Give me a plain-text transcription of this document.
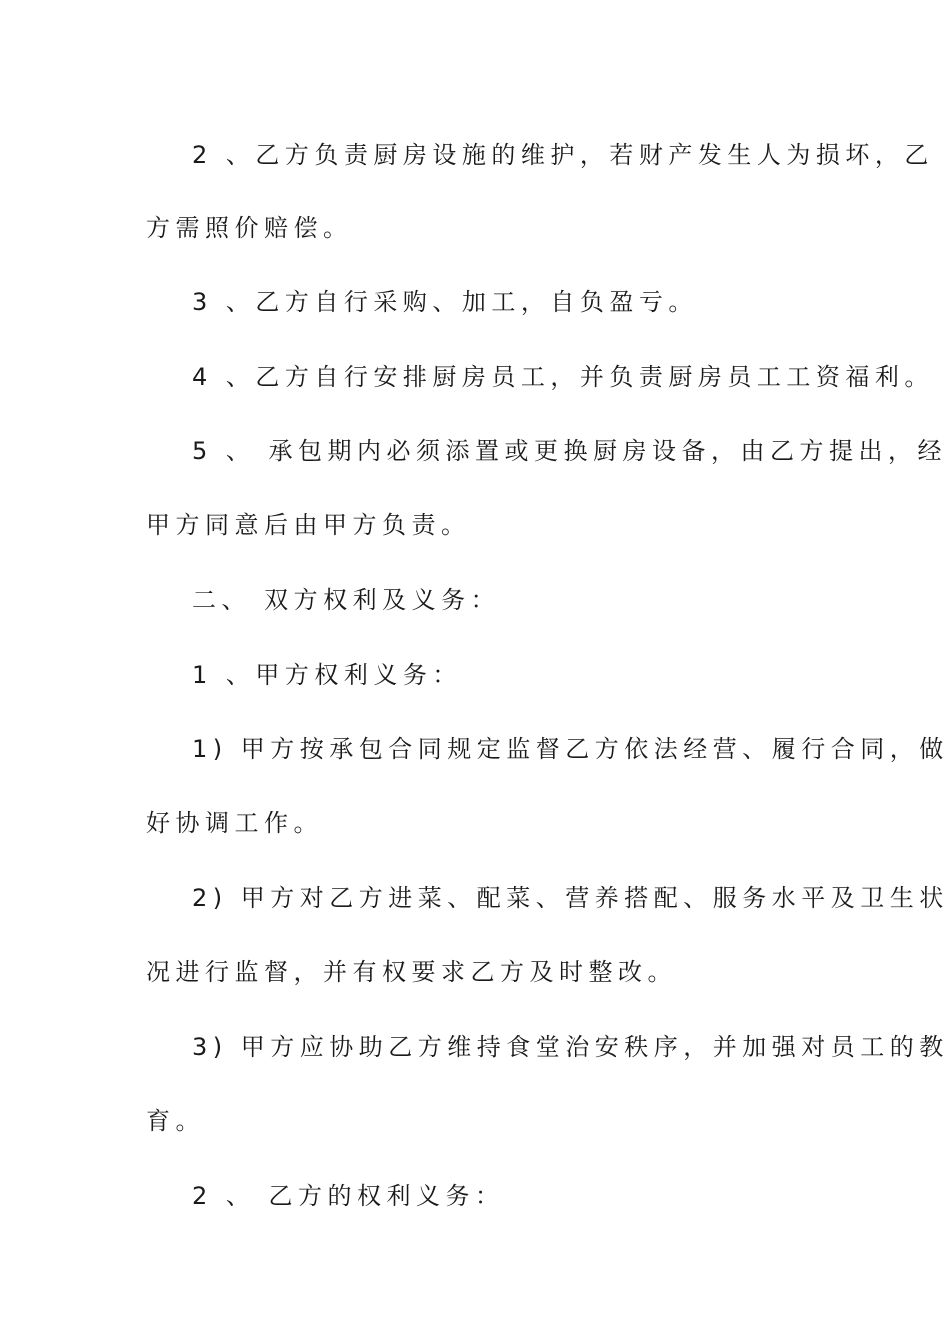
2 、乙方负责厨房设施的维护，若财产发生人为损坏，乙
方需照价赔偿。
3 、乙方自行采购、加工，自负盈亏。
4 、乙方自行安排厨房员工，并负责厨房员工工资福利。
5 、 承包期内必须添置或更换厨房设备，由乙方提出，经
甲方同意后由甲方负责。
二、 双方权利及义务：
1 、甲方权利义务：
1) 甲方按承包合同规定监督乙方依法经营、履行合同，做
好协调工作。
2) 甲方对乙方进菜、配菜、营养搭配、服务水平及卫生状
况进行监督，并有权要求乙方及时整改。
3) 甲方应协助乙方维持食堂治安秩序，并加强对员工的教
育。
2 、 乙方的权利义务：
